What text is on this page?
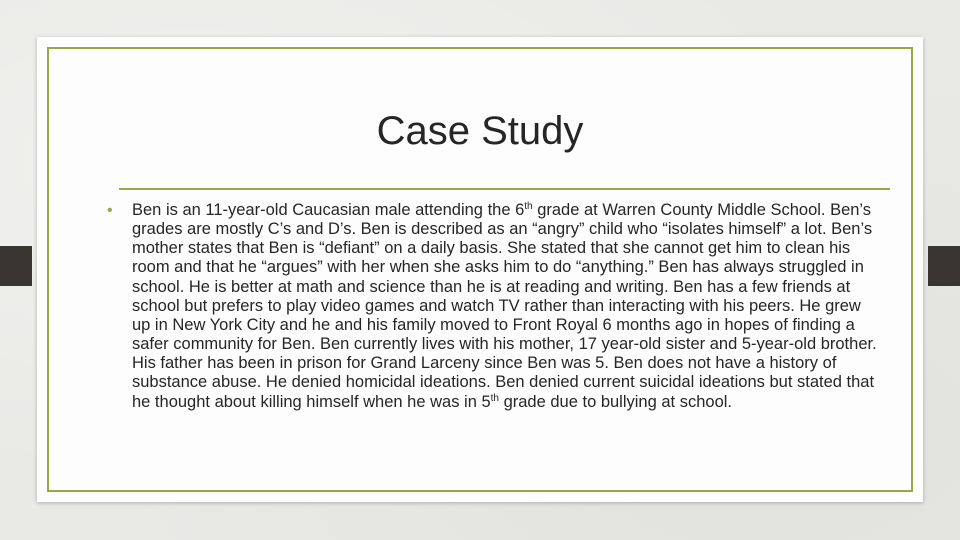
Case Study
• Ben is an 11-year-old Caucasian male attending the 6th grade at Warren County Middle School. Ben’s grades are mostly C’s and D’s. Ben is described as an “angry” child who “isolates himself” a lot. Ben’s mother states that Ben is “defiant” on a daily basis. She stated that she cannot get him to clean his room and that he “argues” with her when she asks him to do “anything.” Ben has always struggled in school. He is better at math and science than he is at reading and writing. Ben has a few friends at school but prefers to play video games and watch TV rather than interacting with his peers. He grew up in New York City and he and his family moved to Front Royal 6 months ago in hopes of finding a safer community for Ben. Ben currently lives with his mother, 17 year-old sister and 5-year-old brother. His father has been in prison for Grand Larceny since Ben was 5. Ben does not have a history of substance abuse. He denied homicidal ideations. Ben denied current suicidal ideations but stated that he thought about killing himself when he was in 5th grade due to bullying at school.
